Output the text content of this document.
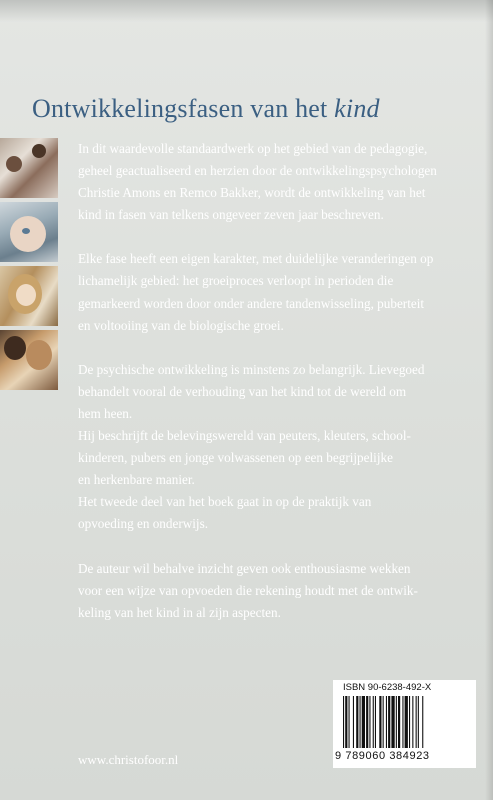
Ontwikkelingsfasen van het kind

In dit waardevolle standaardwerk op het gebied van de pedagogie,
geheel geactualiseerd en herzien door de ontwikkelingspsychologen
Christie Amons en Remco Bakker, wordt de ontwikkeling van het
kind in fasen van telkens ongeveer zeven jaar beschreven.

Elke fase heeft een eigen karakter, met duidelijke veranderingen op
lichamelijk gebied: het groeiproces verloopt in perioden die
gemarkeerd worden door onder andere tandenwisseling, puberteit
en voltooiing van de biologische groei.

De psychische ontwikkeling is minstens zo belangrijk. Lievegoed
behandelt vooral de verhouding van het kind tot de wereld om
hem heen.
Hij beschrijft de belevingswereld van peuters, kleuters, school-
kinderen, pubers en jonge volwassenen op een begrijpelijke
en herkenbare manier.
Het tweede deel van het boek gaat in op de praktijk van
opvoeding en onderwijs.

De auteur wil behalve inzicht geven ook enthousiasme wekken
voor een wijze van opvoeden die rekening houdt met de ontwik-
keling van het kind in al zijn aspecten.

ISBN 90-6238-492-X

9 789060 384923

www.christofoor.nl
